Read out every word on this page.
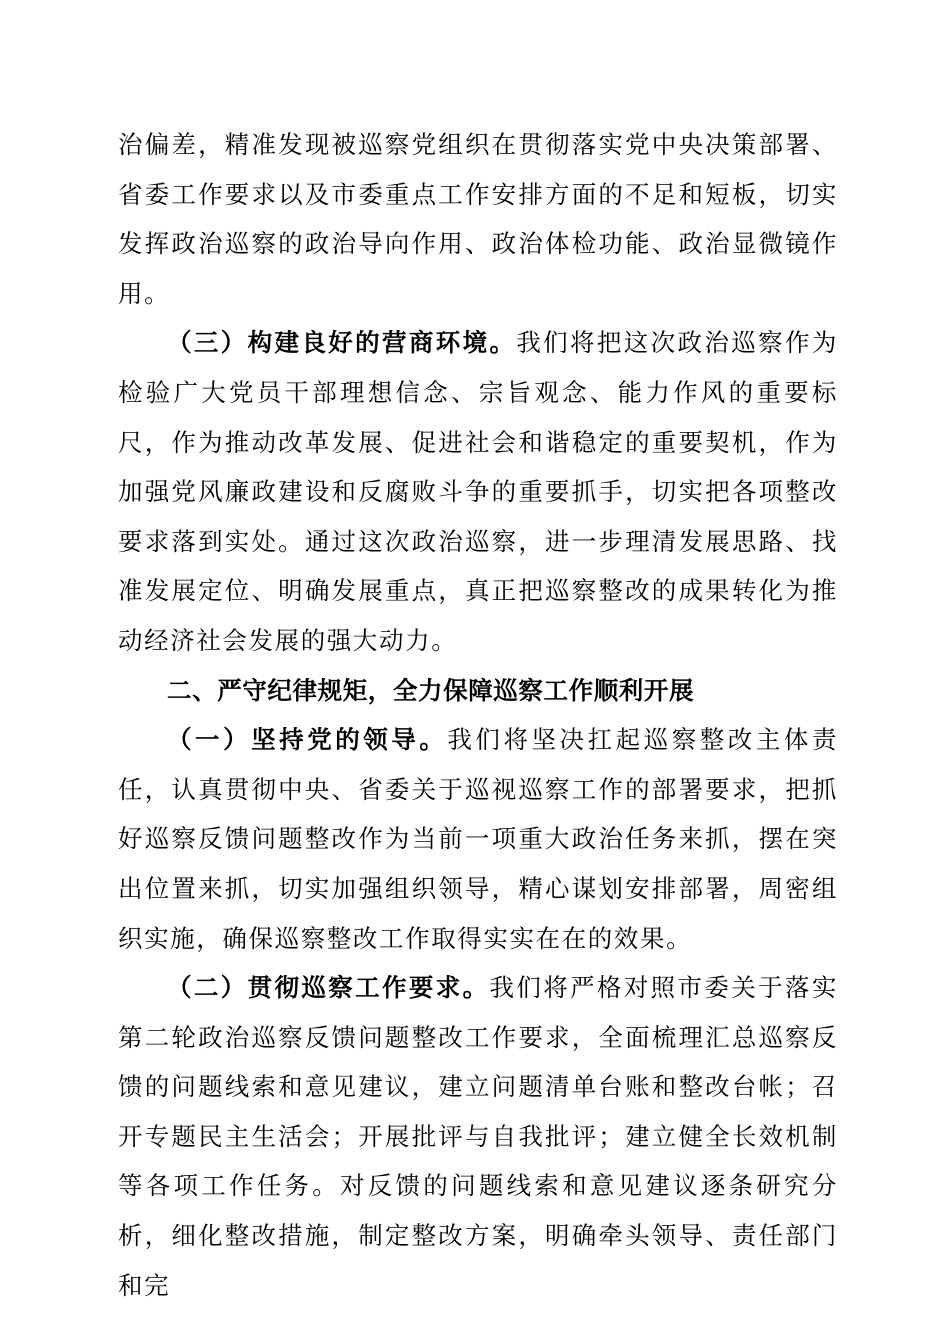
治偏差，精准发现被巡察党组织在贯彻落实党中央决策部署、省委工作要求以及市委重点工作安排方面的不足和短板，切实发挥政治巡察的政治导向作用、政治体检功能、政治显微镜作用。

（三）构建良好的营商环境。我们将把这次政治巡察作为检验广大党员干部理想信念、宗旨观念、能力作风的重要标尺，作为推动改革发展、促进社会和谐稳定的重要契机，作为加强党风廉政建设和反腐败斗争的重要抓手，切实把各项整改要求落到实处。通过这次政治巡察，进一步理清发展思路、找准发展定位、明确发展重点，真正把巡察整改的成果转化为推动经济社会发展的强大动力。

二、严守纪律规矩，全力保障巡察工作顺利开展

（一）坚持党的领导。我们将坚决扛起巡察整改主体责任，认真贯彻中央、省委关于巡视巡察工作的部署要求，把抓好巡察反馈问题整改作为当前一项重大政治任务来抓，摆在突出位置来抓，切实加强组织领导，精心谋划安排部署，周密组织实施，确保巡察整改工作取得实实在在的效果。

（二）贯彻巡察工作要求。我们将严格对照市委关于落实第二轮政治巡察反馈问题整改工作要求，全面梳理汇总巡察反馈的问题线索和意见建议，建立问题清单台账和整改台帐；召开专题民主生活会；开展批评与自我批评；建立健全长效机制等各项工作任务。对反馈的问题线索和意见建议逐条研究分析，细化整改措施，制定整改方案，明确牵头领导、责任部门和完
